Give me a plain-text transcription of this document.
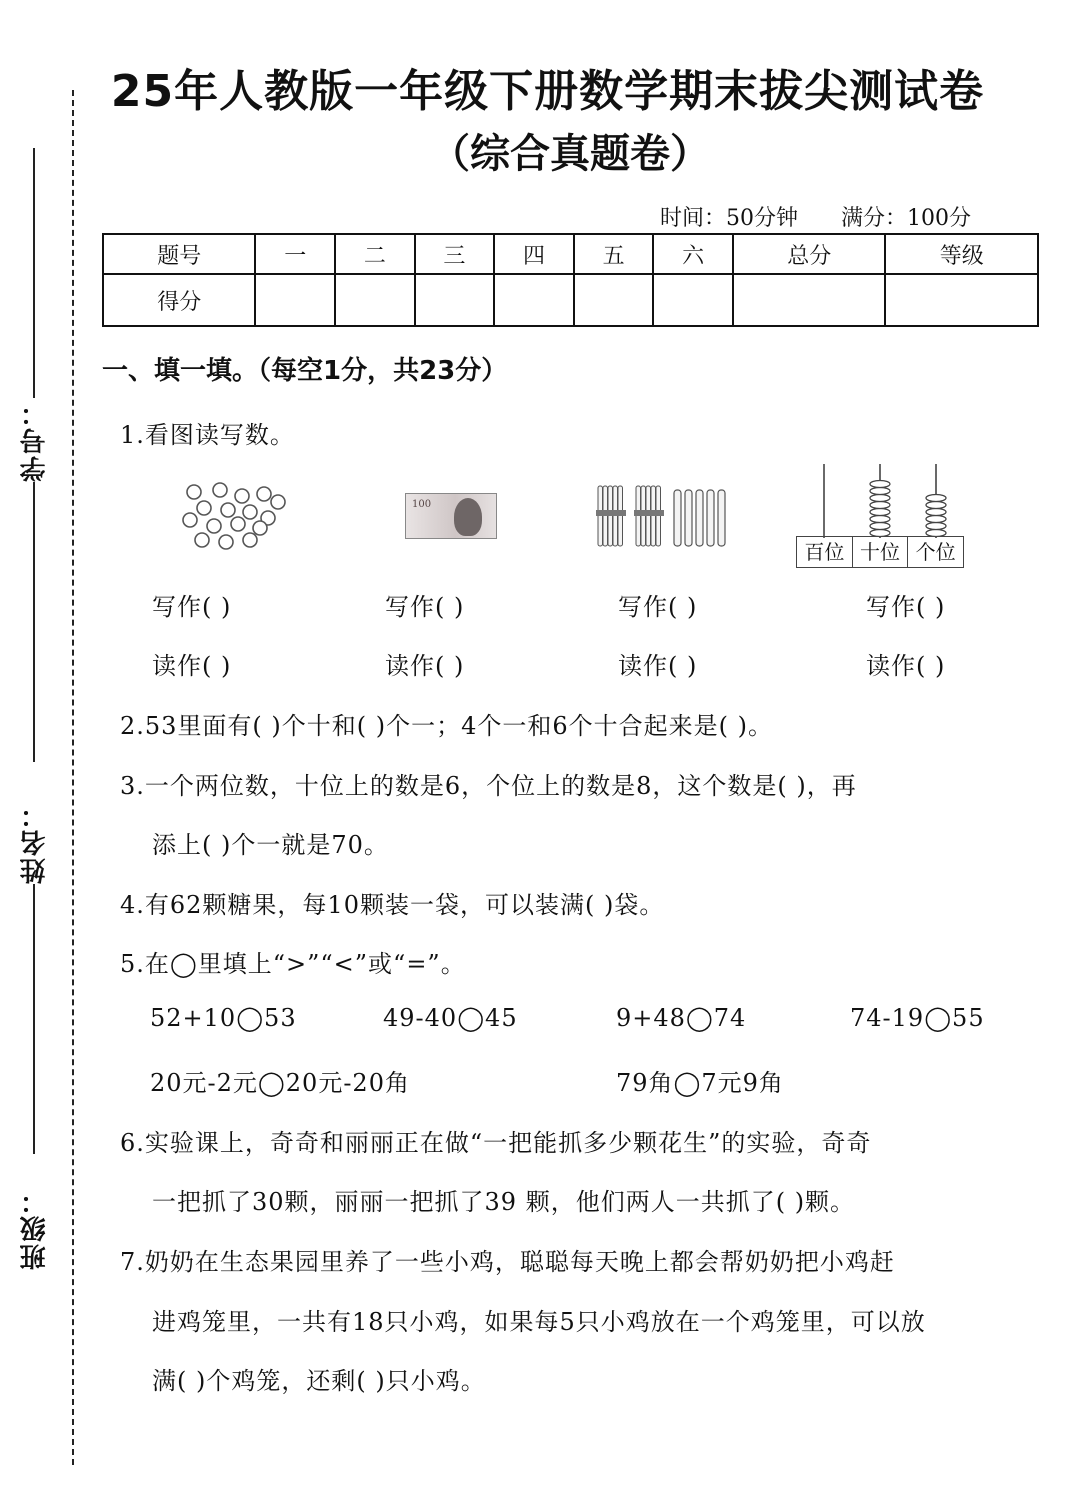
学号：
姓名：
班级：
25年人教版一年级下册数学期末拔尖测试卷
（综合真题卷）
时间：50分钟 满分：100分
题号	一	二	三	四	五	六	总分	等级
得分								
一、填一填。（每空1分，共23分）
1.看图读写数。
100
百位 十位 个位
写作( )	写作( )	写作( )	写作( )
读作( )	读作( )	读作( )	读作( )
2.53里面有( )个十和( )个一；4个一和6个十合起来是( )。
3.一个两位数，十位上的数是6，个位上的数是8，这个数是( )，再
添上( )个一就是70。
4.有62颗糖果，每10颗装一袋，可以装满( )袋。
5.在◯里填上“>”“<”或“=”。
52+10◯53	49-40◯45	9+48◯74	74-19◯55
20元-2元◯20元-20角	79角◯7元9角
6.实验课上，奇奇和丽丽正在做“一把能抓多少颗花生”的实验，奇奇
一把抓了30颗，丽丽一把抓了39 颗，他们两人一共抓了( )颗。
7.奶奶在生态果园里养了一些小鸡，聪聪每天晚上都会帮奶奶把小鸡赶
进鸡笼里，一共有18只小鸡，如果每5只小鸡放在一个鸡笼里，可以放
满( )个鸡笼，还剩( )只小鸡。
